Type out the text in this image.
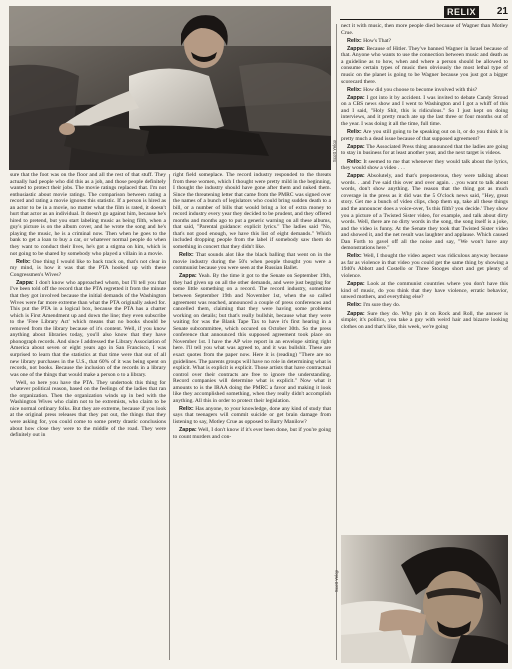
RELIX	21
Scott Yelcp

sure that the foot was on the floor and all the rest of that stuff. They actually had people who did this as a job, and those people definitely wanted to protect their jobs. The movie ratings replaced that. I'm not enthusiastic about movie ratings. The comparison between rating a record and rating a movie ignores this statistic. If a person is hired as an actor to be in a movie, no matter what the film is rated, it doesn't hurt that actor as an individual. It doesn't go against him, because he's hired to pretend, but you start labeling music as being filth, when a guy's picture is on the album cover, and he wrote the song and he's playing the music, he is a criminal now. Then when he goes to the bank to get a loan to buy a car, or whatever normal people do when they want to conduct their lives, he's got a stigma on him, which is not going to be shared by somebody who played a villain in a movie.

Relix: One thing I would like to back track on, that's not clear in my mind, is how it was that the PTA hooked up with these Congressmen's Wives?

Zappa: I don't know who approached whom, but I'll tell you that I've been told off the record that the PTA regretted it from the minute that they got involved because the initial demands of the Washington Wives were far more extreme than what the PTA originally asked for. This put the PTA in a logical box, because the PTA has a charter which is First Amendment up and down the line; they even subscribe to the 'Free Library Act' which means that no books should be removed from the library because of it's content. Well, if you know anything about libraries today, you'll also know that they have phonograph records. And since I addressed the Library Association of America about seven or eight years ago in San Francisco, I was surprised to learn that the statistics at that time were that out of all new library purchases in the U.S., that 60% of it was being spent on records, not books. Because the inclusion of the records in a library was one of the things that would make a person o to a library.

Well, so here you have the PTA. They undertook this thing for whatever political reason, based on the feelings of the ladies that ran the organization. Then the organization winds up in bed with the Washington Wives who claim not to be extremists, who claim to be nice normal ordinary folks. But they are extreme, because if you look at the original press releases that they put out, the things that they were asking for, you could come to some pretty drastic conclusions about how close they were to the middle of the road. They were definitely out in

right field someplace. The record industry responded to the threats from these women, which I thought were pretty mild in the beginning, I thought the industry should have gone after them and nuked them. Since the threatening letter that came from the PMRC was signed over the names of a bunch of legislators who could bring sudden death to a bill, or a number of bills that would bring a lot of extra money to record industry every year they decided to be prudent, and they offered months and months ago to put a generic warning on all these albums, that said, "Parental guidance: explicit lyrics." The ladies said "No, that's not good enough, we have this list of eight demands." Which included dropping people from the label if somebody saw them do something in concert that they didn't like.

Relix: That sounds alot like the black balling that went on in the movie industry during the 50's when people thought you were a communist because you were seen at the Russian Ballet.

Zappa: Yeah. By the time it got to the Senate on September 19th, they had given up on all the other demands, and were just begging for some little something on a record. The record industry, sometime between September 19th and November 1st, when the so called agreement was reached, announced a couple of press conferences and cancelled them, claiming that they were having some problems working on details; but that's really bullshit, because what they were waiting for was the Blank Tape Tax to have it's first hearing in a Senate subcommittee, which occured on October 30th. So the press conference that announced this supposed agreement took place on November 1st. I have the AP wire report in an envelope sitting right here. I'll tell you what was agreed to, and it was bullshit. These are exact quotes from the paper now. Here it is (reading) "There are no guidelines. The parents groups will have no role in determining what is explicit. What is explicit is explicit. Those artists that have contractual control over their contracts are free to ignore the understanding. Record companies will determine what is explicit." Now what it amounts to is the IRAA doing the PMRC a favor and making it look like they accomplished something, when they really didn't accomplish anything. All this in order to protect their legislation.

Relix: Has anyone, to your knowledge, done any kind of study that says that teenagers will commit suicide or get brain damage from listening to say, Motley Crue as opposed to Barry Manilow?

Zappa: Well, I don't know if it's ever been done, but if you're going to count murders and con-

nect it with music, then more people died because of Wagner than Motley Crue.

Relix: How's That?

Zappa: Because of Hitler. They've banned Wagner in Israel because of that. Anyone who wants to use the connection between music and death as a guideline as to how, when and where a person should be allowed to consume certain types of music then obviously the most lethal type of music on the planet is going to be Wagner because you just got a bigger scorecard there.

Relix: How did you choose to become involved with this?

Zappa: I got into it by accident. I was invited to debate Candy Stroud on a CBS news show and I went to Washington and I got a whiff of this and I said, "Holy Shit, this is ridiculous." So I just kept on doing interviews, and it pretty much ate up the last three or four months out of the year. I was doing it all the time, full time.

Relix: Are you still going to be speaking out on it, or do you think it is pretty much a dead issue because of that supposed agreement?

Zappa: The Associated Press thing announced that the ladies are going to stay in business for at least another year, and the next target is videos.

Relix: It seemed to me that whenever they would talk about the lyrics, they would show a video . . .

Zappa: Absolutely, and that's preposterous, they were talking about words. . .and I've said this over and over again. . .you want to talk about words, don't show anything. The reason that the thing got as much coverage in the press as it did was the 5 O'clock news said, "Hey, great story. Get me a bunch of video clips, chop them up, take all these things and the announcer does a voice-over, 'Is this filth? you decide.' They show you a picture of a Twisted Sister video, for example, and talk about dirty words. Well, there are no dirty words in the song, the song itself is a joke, and the video is funny. At the Senate they took that Twisted Sister video and showed it, and the net result was laughter and applause. Which caused Dan Forth to gavel off all the noise and say, "We won't have any demonstrations here."

Relix: Well, I thought the video aspect was ridiculous anyway because as far as violence in that video you could get the same thing by showing a 1940's Abbott and Costello or Three Stooges short and get plenty of violence.

Zappa: Look at the communist countries where you don't have this kind of music, do you think that they have violence, erratic behavior, unwed mothers, and everything else?

Relix: I'm sure they do.

Zappa: Sure they do. Why pin it on Rock and Roll, the answer is simple; it's politics, you take a guy with weird hair and bizarre looking clothes on and that's like, this week, we're going

Scott Yelcp
